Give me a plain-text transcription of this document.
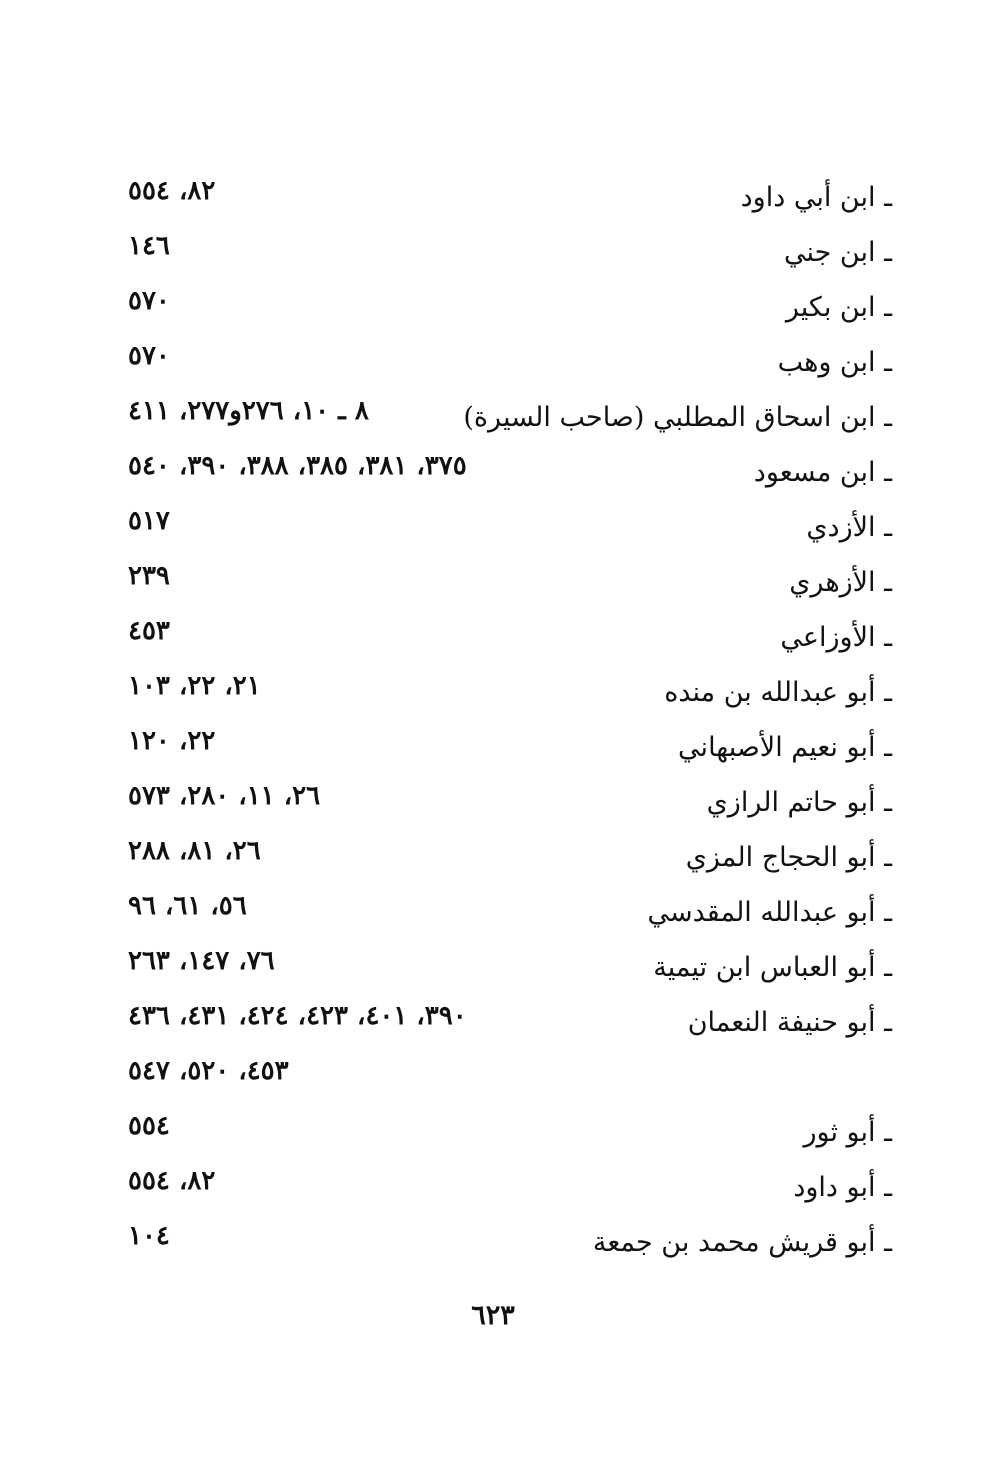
ـ ابن أبي داود
٨٢، ٥٥٤
ـ ابن جني
١٤٦
ـ ابن بكير
٥٧٠
ـ ابن وهب
٥٧٠
ـ ابن اسحاق المطلبي (صاحب السيرة)
٨ ـ ١٠، ٢٧٦و٢٧٧، ٤١١
ـ ابن مسعود
٣٧٥، ٣٨١، ٣٨٥، ٣٨٨، ٣٩٠، ٥٤٠
ـ الأزدي
٥١٧
ـ الأزهري
٢٣٩
ـ الأوزاعي
٤٥٣
ـ أبو عبدالله بن منده
٢١، ٢٢، ١٠٣
ـ أبو نعيم الأصبهاني
٢٢، ١٢٠
ـ أبو حاتم الرازي
٢٦، ١١، ٢٨٠، ٥٧٣
ـ أبو الحجاج المزي
٢٦، ٨١، ٢٨٨
ـ أبو عبدالله المقدسي
٥٦، ٦١، ٩٦
ـ أبو العباس ابن تيمية
٧٦، ١٤٧، ٢٦٣
ـ أبو حنيفة النعمان
٣٩٠، ٤٠١، ٤٢٣، ٤٢٤، ٤٣١، ٤٣٦
٤٥٣، ٥٢٠، ٥٤٧
ـ أبو ثور
٥٥٤
ـ أبو داود
٨٢، ٥٥٤
ـ أبو قريش محمد بن جمعة
١٠٤
٦٢٣
